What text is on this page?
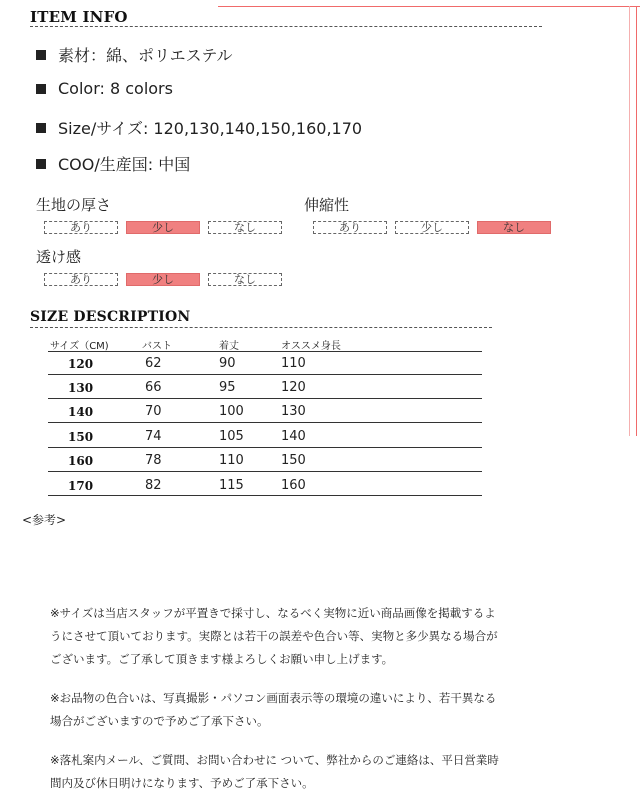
ITEM INFO
素材：綿、ポリエステル
Color: 8 colors
Size/サイズ: 120,130,140,150,160,170
COO/生産国: 中国
生地の厚さ
あり	少し	なし
伸縮性
あり	少し	なし
透け感
あり	少し	なし
SIZE DESCRIPTION
サイズ（CM)	バスト	着丈	オススメ身長
120	62	90	110
130	66	95	120
140	70	100	130
150	74	105	140
160	78	110	150
170	82	115	160
<参考>
※サイズは当店スタッフが平置きで採寸し、なるべく実物に近い商品画像を掲載するよ
うにさせて頂いております。実際とは若干の誤差や色合い等、実物と多少異なる場合が
ございます。ご了承して頂きます様よろしくお願い申し上げます。
※お品物の色合いは、写真撮影・パソコン画面表示等の環境の違いにより、若干異なる
場合がございますので予めご了承下さい。
※落札案内メール、ご質問、お問い合わせに ついて、弊社からのご連絡は、平日営業時
間内及び休日明けになります、予めご了承下さい。
